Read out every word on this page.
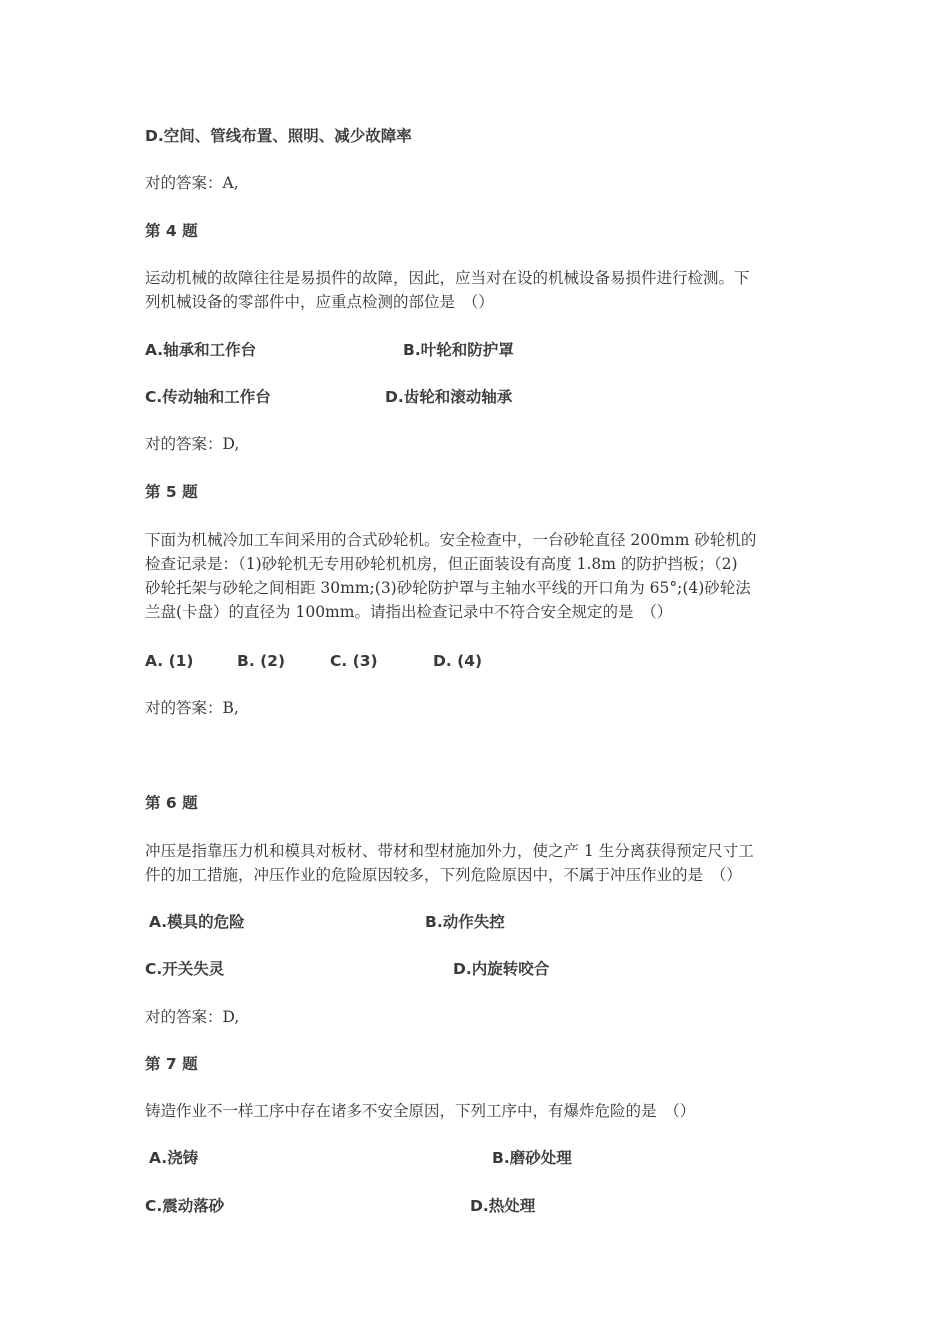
D.空间、管线布置、照明、减少故障率
对的答案：A,
第 4 题
运动机械的故障往往是易损件的故障，因此，应当对在设的机械设备易损件进行检测。下
列机械设备的零部件中，应重点检测的部位是　（）
A.轴承和工作台	B.叶轮和防护罩
C.传动轴和工作台	D.齿轮和滚动轴承
对的答案：D,
第 5 题
下面为机械冷加工车间采用的合式砂轮机。安全检查中，一台砂轮直径 200mm 砂轮机的
检查记录是：（1)砂轮机无专用砂轮机机房，但正面装设有高度 1.8m 的防护挡板；（2)
砂轮托架与砂轮之间相距 30mm;(3)砂轮防护罩与主轴水平线的开口角为 65°;(4)砂轮法
兰盘(卡盘）的直径为 100mm。请指出检查记录中不符合安全规定的是　（）
A. (1)	B. (2)	C. (3)	D. (4)
对的答案：B,
第 6 题
冲压是指靠压力机和模具对板材、带材和型材施加外力，使之产 1 生分离获得预定尺寸工
件的加工措施，冲压作业的危险原因较多，下列危险原因中，不属于冲压作业的是　（）
A.模具的危险	B.动作失控
C.开关失灵	D.内旋转咬合
对的答案：D,
第 7 题
铸造作业不一样工序中存在诸多不安全原因，下列工序中，有爆炸危险的是　（）
A.浇铸	B.磨砂处理
C.震动落砂	D.热处理
